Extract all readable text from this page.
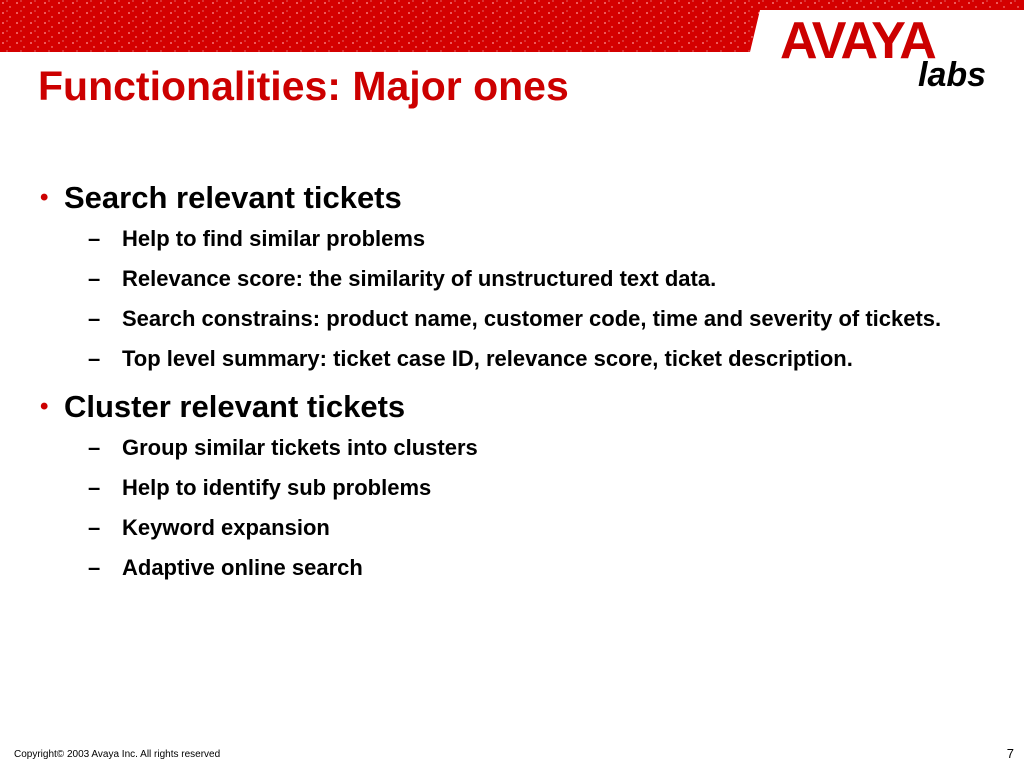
AVAYA
labs
Functionalities: Major ones
• Search relevant tickets
– Help to find similar problems
– Relevance score: the similarity of unstructured text data.
– Search constrains: product name, customer code, time and severity of tickets.
– Top level summary: ticket case ID, relevance score, ticket description.
• Cluster relevant tickets
– Group similar tickets into clusters
– Help to identify sub problems
– Keyword expansion
– Adaptive online search
Copyright© 2003 Avaya Inc. All rights reserved	7
